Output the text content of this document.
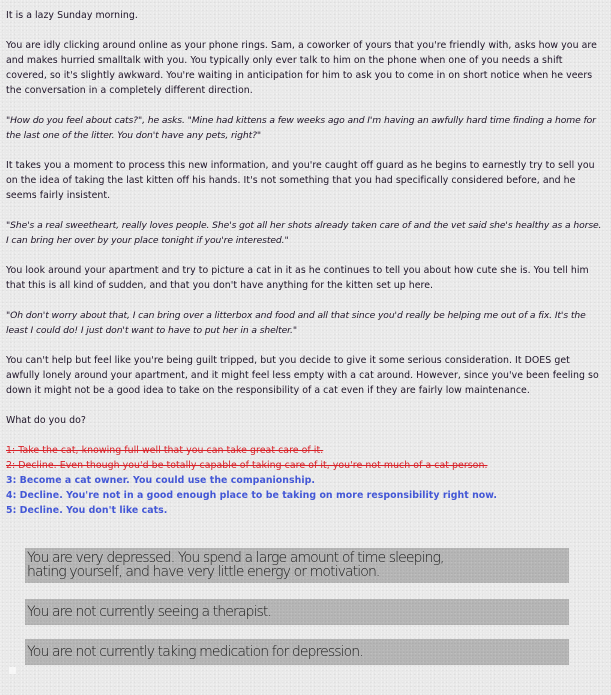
It is a lazy Sunday morning.

You are idly clicking around online as your phone rings. Sam, a coworker of yours that you're friendly with, asks how you are and makes hurried smalltalk with you. You typically only ever talk to him on the phone when one of you needs a shift covered, so it's slightly awkward. You're waiting in anticipation for him to ask you to come in on short notice when he veers the conversation in a completely different direction.

"How do you feel about cats?", he asks. "Mine had kittens a few weeks ago and I'm having an awfully hard time finding a home for the last one of the litter. You don't have any pets, right?"

It takes you a moment to process this new information, and you're caught off guard as he begins to earnestly try to sell you on the idea of taking the last kitten off his hands. It's not something that you had specifically considered before, and he seems fairly insistent.

"She's a real sweetheart, really loves people. She's got all her shots already taken care of and the vet said she's healthy as a horse. I can bring her over by your place tonight if you're interested."

You look around your apartment and try to picture a cat in it as he continues to tell you about how cute she is. You tell him that this is all kind of sudden, and that you don't have anything for the kitten set up here.

"Oh don't worry about that, I can bring over a litterbox and food and all that since you'd really be helping me out of a fix. It's the least I could do! I just don't want to have to put her in a shelter."

You can't help but feel like you're being guilt tripped, but you decide to give it some serious consideration. It DOES get awfully lonely around your apartment, and it might feel less empty with a cat around. However, since you've been feeling so down it might not be a good idea to take on the responsibility of a cat even if they are fairly low maintenance.

What do you do?

1: Take the cat, knowing full well that you can take great care of it.
2: Decline. Even though you'd be totally capable of taking care of it, you're not much of a cat person.
3: Become a cat owner. You could use the companionship.
4: Decline. You're not in a good enough place to be taking on more responsibility right now.
5: Decline. You don't like cats.
You are very depressed. You spend a large amount of time sleeping,
hating yourself, and have very little energy or motivation.
You are not currently seeing a therapist.
You are not currently taking medication for depression.
